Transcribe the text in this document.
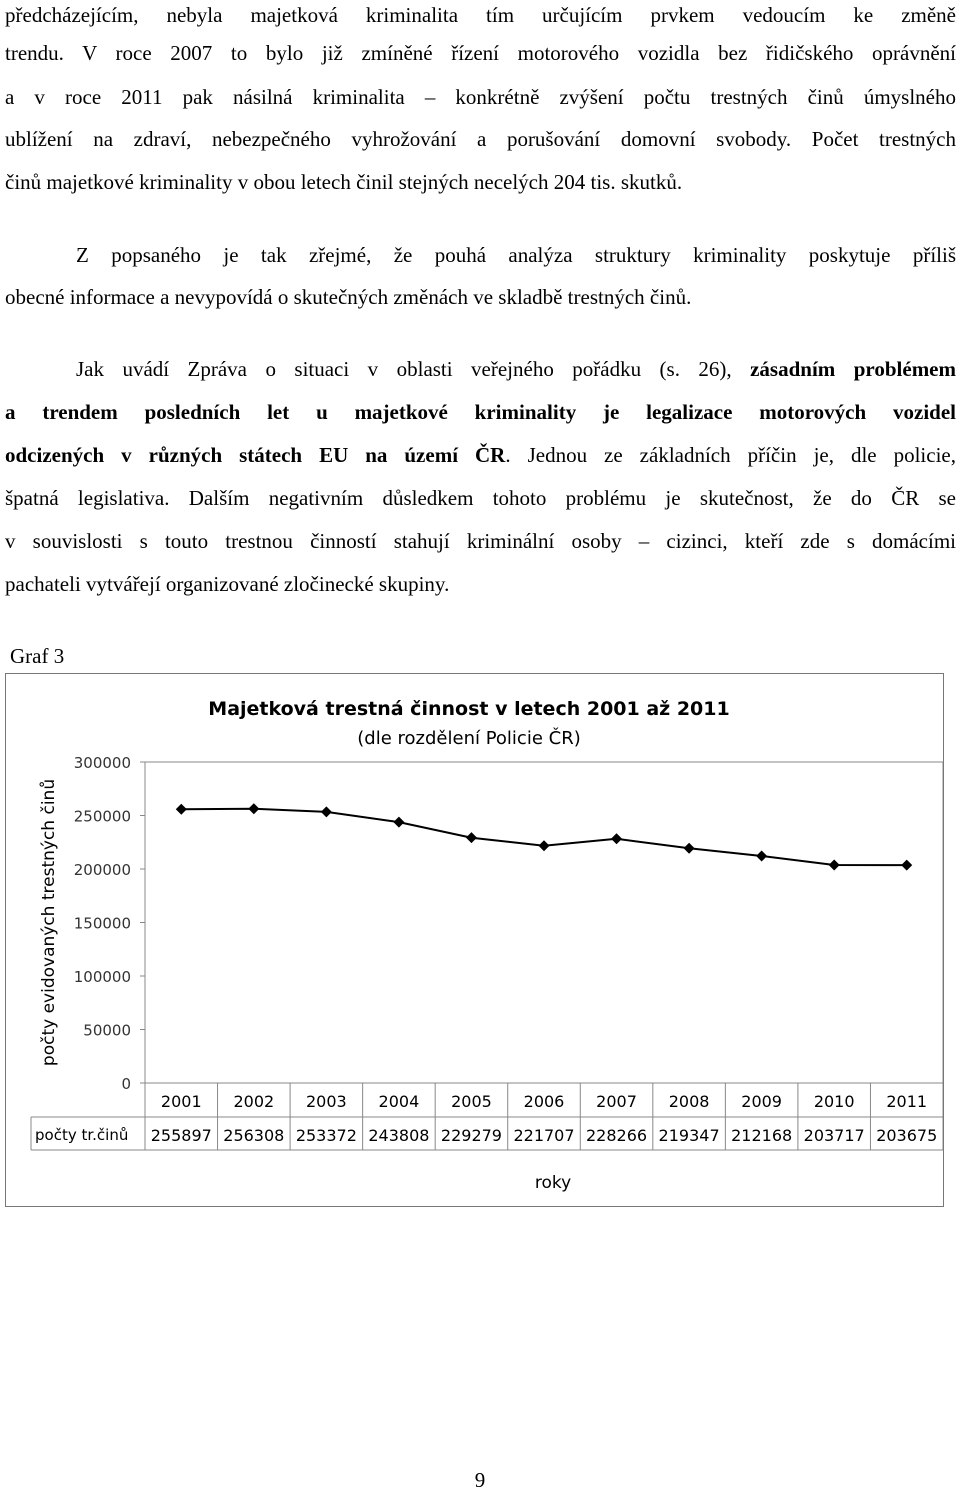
předcházejícím, nebyla majetková kriminalita tím určujícím prvkem vedoucím ke změně
trendu. V roce 2007 to bylo již zmíněné řízení motorového vozidla bez řidičského oprávnění
a v roce 2011 pak násilná kriminalita – konkrétně zvýšení počtu trestných činů úmyslného
ublížení na zdraví, nebezpečného vyhrožování a porušování domovní svobody. Počet trestných
činů majetkové kriminality v obou letech činil stejných necelých 204 tis. skutků.
Z popsaného je tak zřejmé, že pouhá analýza struktury kriminality poskytuje příliš
obecné informace a nevypovídá o skutečných změnách ve skladbě trestných činů.
Jak uvádí Zpráva o situaci v oblasti veřejného pořádku (s. 26), zásadním problémem
a trendem posledních let u majetkové kriminality je legalizace motorových vozidel
odcizených v různých státech EU na území ČR. Jednou ze základních příčin je, dle policie,
špatná legislativa. Dalším negativním důsledkem tohoto problému je skutečnost, že do ČR se
v souvislosti s touto trestnou činností stahují kriminální osoby – cizinci, kteří zde s domácími
pachateli vytvářejí organizované zločinecké skupiny.
Graf 3
Majetková trestná činnost v letech 2001 až 2011
(dle rozdělení Policie ČR)
0
50000
100000
150000
200000
250000
300000
počty evidovaných trestných činů
2001
255897
2002
256308
2003
253372
2004
243808
2005
229279
2006
221707
2007
228266
2008
219347
2009
212168
2010
203717
2011
203675
počty tr.činů
roky
9
